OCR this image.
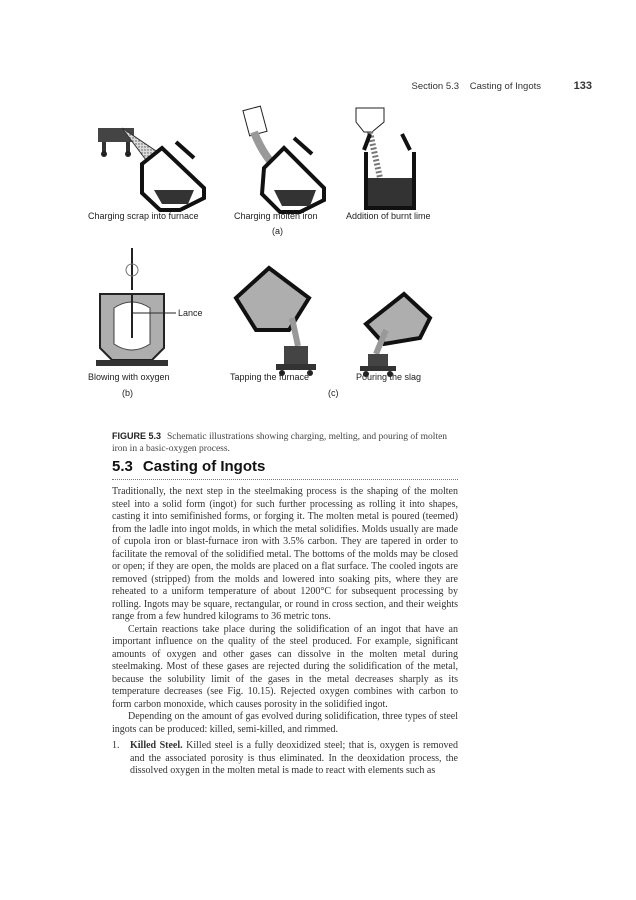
Section 5.3 Casting of Ingots	133
Charging scrap into furnace	Charging molten iron	Addition of burnt lime
(a)
Lance
Blowing with oxygen	Tapping the furnace	Pouring the slag
(b)	(c)
FIGURE 5.3 Schematic illustrations showing charging, melting, and pouring of molten iron in a basic-oxygen process.
5.3 Casting of Ingots

Traditionally, the next step in the steelmaking process is the shaping of the molten steel into a solid form (ingot) for such further processing as rolling it into shapes, casting it into semifinished forms, or forging it. The molten metal is poured (teemed) from the ladle into ingot molds, in which the metal solidifies. Molds usually are made of cupola iron or blast-furnace iron with 3.5% carbon. They are tapered in order to facilitate the removal of the solidified metal. The bottoms of the molds may be closed or open; if they are open, the molds are placed on a flat surface. The cooled ingots are removed (stripped) from the molds and lowered into soaking pits, where they are reheated to a uniform temperature of about 1200°C for subsequent processing by rolling. Ingots may be square, rectangular, or round in cross section, and their weights range from a few hundred kilograms to 36 metric tons.

Certain reactions take place during the solidification of an ingot that have an important influence on the quality of the steel produced. For example, significant amounts of oxygen and other gases can dissolve in the molten metal during steelmaking. Most of these gases are rejected during the solidification of the metal, because the solubility limit of the gases in the metal decreases sharply as its temperature decreases (see Fig. 10.15). Rejected oxygen combines with carbon to form carbon monoxide, which causes porosity in the solidified ingot.

Depending on the amount of gas evolved during solidification, three types of steel ingots can be produced: killed, semi-killed, and rimmed.

1. Killed Steel. Killed steel is a fully deoxidized steel; that is, oxygen is removed and the associated porosity is thus eliminated. In the deoxidation process, the dissolved oxygen in the molten metal is made to react with elements such as
